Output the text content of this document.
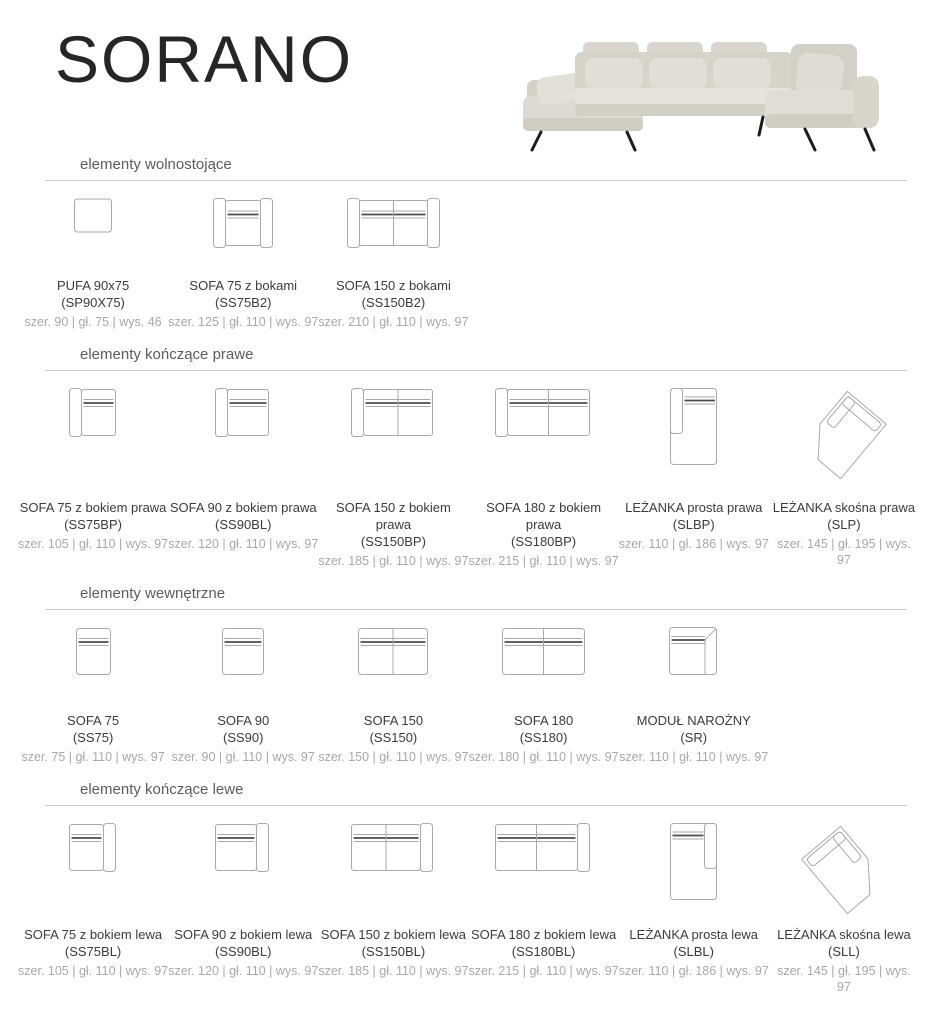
SORANO
elementy wolnostojące
PUFA 90x75
(SP90X75)
szer. 90 | gł. 75 | wys. 46
SOFA 75 z bokami
(SS75B2)
szer. 125 | gł. 110 | wys. 97
SOFA 150 z bokami
(SS150B2)
szer. 210 | gł. 110 | wys. 97
elementy kończące prawe
SOFA 75 z bokiem prawa
(SS75BP)
szer. 105 | gł. 110 | wys. 97
SOFA 90 z bokiem prawa
(SS90BL)
szer. 120 | gł. 110 | wys. 97
SOFA 150 z bokiem prawa
(SS150BP)
szer. 185 | gł. 110 | wys. 97
SOFA 180 z bokiem prawa
(SS180BP)
szer. 215 | gł. 110 | wys. 97
LEŻANKA prosta prawa
(SLBP)
szer. 110 | gł. 186 | wys. 97
LEŻANKA skośna prawa
(SLP)
szer. 145 | gł. 195 | wys. 97
elementy wewnętrzne
SOFA 75
(SS75)
szer. 75 | gł. 110 | wys. 97
SOFA 90
(SS90)
szer. 90 | gł. 110 | wys. 97
SOFA 150
(SS150)
szer. 150 | gł. 110 | wys. 97
SOFA 180
(SS180)
szer. 180 | gł. 110 | wys. 97
MODUŁ NAROŻNY
(SR)
szer. 110 | gł. 110 | wys. 97
elementy kończące lewe
SOFA 75 z bokiem lewa
(SS75BL)
szer. 105 | gł. 110 | wys. 97
SOFA 90 z bokiem lewa
(SS90BL)
szer. 120 | gł. 110 | wys. 97
SOFA 150 z bokiem lewa
(SS150BL)
szer. 185 | gł. 110 | wys. 97
SOFA 180 z bokiem lewa
(SS180BL)
szer. 215 | gł. 110 | wys. 97
LEŻANKA prosta lewa
(SLBL)
szer. 110 | gł. 186 | wys. 97
LEŻANKA skośna lewa
(SLL)
szer. 145 | gł. 195 | wys. 97
